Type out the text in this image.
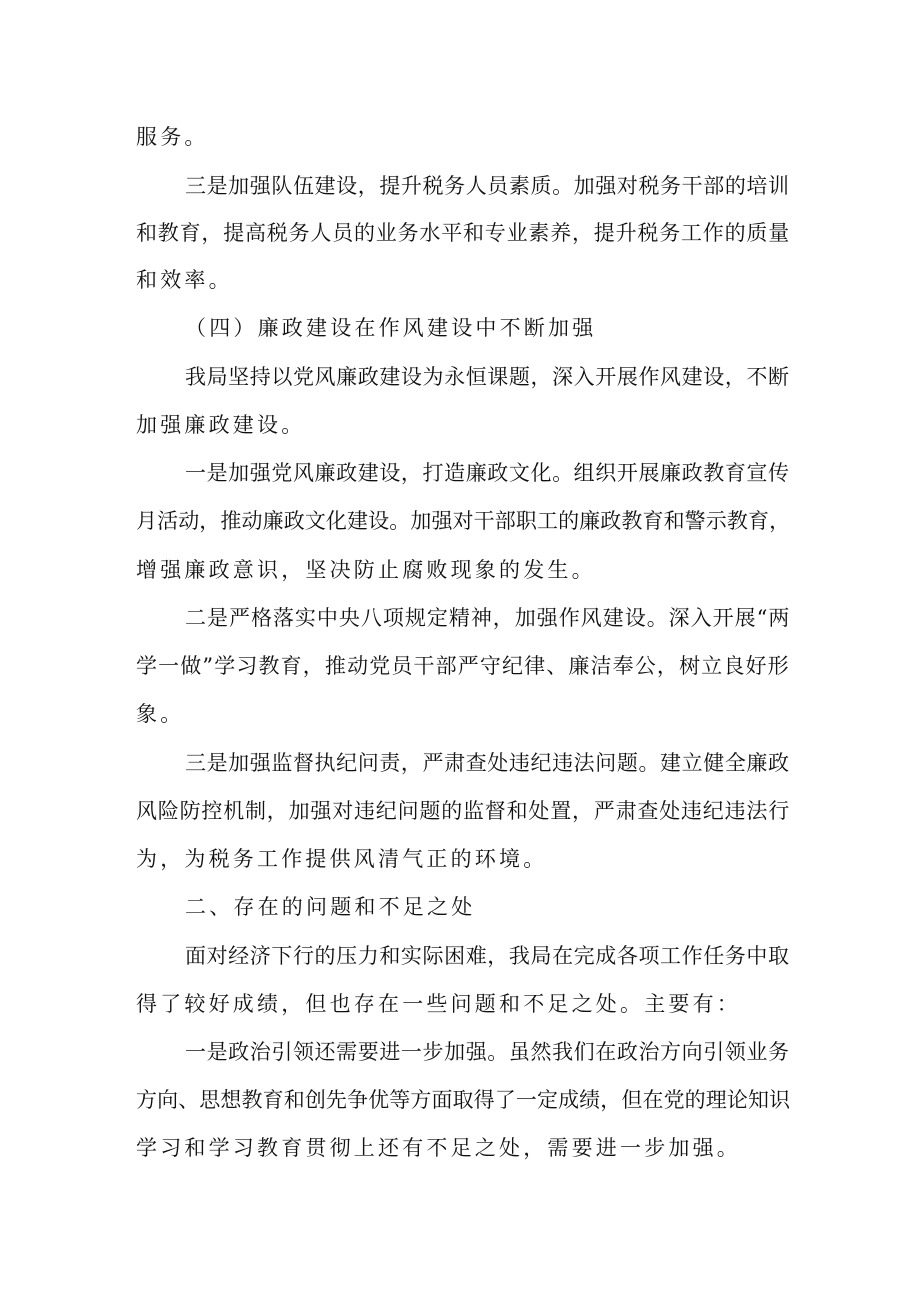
服务。

三是加强队伍建设，提升税务人员素质。加强对税务干部的培训

和教育，提高税务人员的业务水平和专业素养，提升税务工作的质量

和效率。

（四）廉政建设在作风建设中不断加强

我局坚持以党风廉政建设为永恒课题，深入开展作风建设，不断

加强廉政建设。

一是加强党风廉政建设，打造廉政文化。组织开展廉政教育宣传

月活动，推动廉政文化建设。加强对干部职工的廉政教育和警示教育，

增强廉政意识，坚决防止腐败现象的发生。

二是严格落实中央八项规定精神，加强作风建设。深入开展“两

学一做”学习教育，推动党员干部严守纪律、廉洁奉公，树立良好形

象。

三是加强监督执纪问责，严肃查处违纪违法问题。建立健全廉政

风险防控机制，加强对违纪问题的监督和处置，严肃查处违纪违法行

为，为税务工作提供风清气正的环境。

二、存在的问题和不足之处

面对经济下行的压力和实际困难，我局在完成各项工作任务中取

得了较好成绩，但也存在一些问题和不足之处。主要有：

一是政治引领还需要进一步加强。虽然我们在政治方向引领业务

方向、思想教育和创先争优等方面取得了一定成绩，但在党的理论知识

学习和学习教育贯彻上还有不足之处，需要进一步加强。
